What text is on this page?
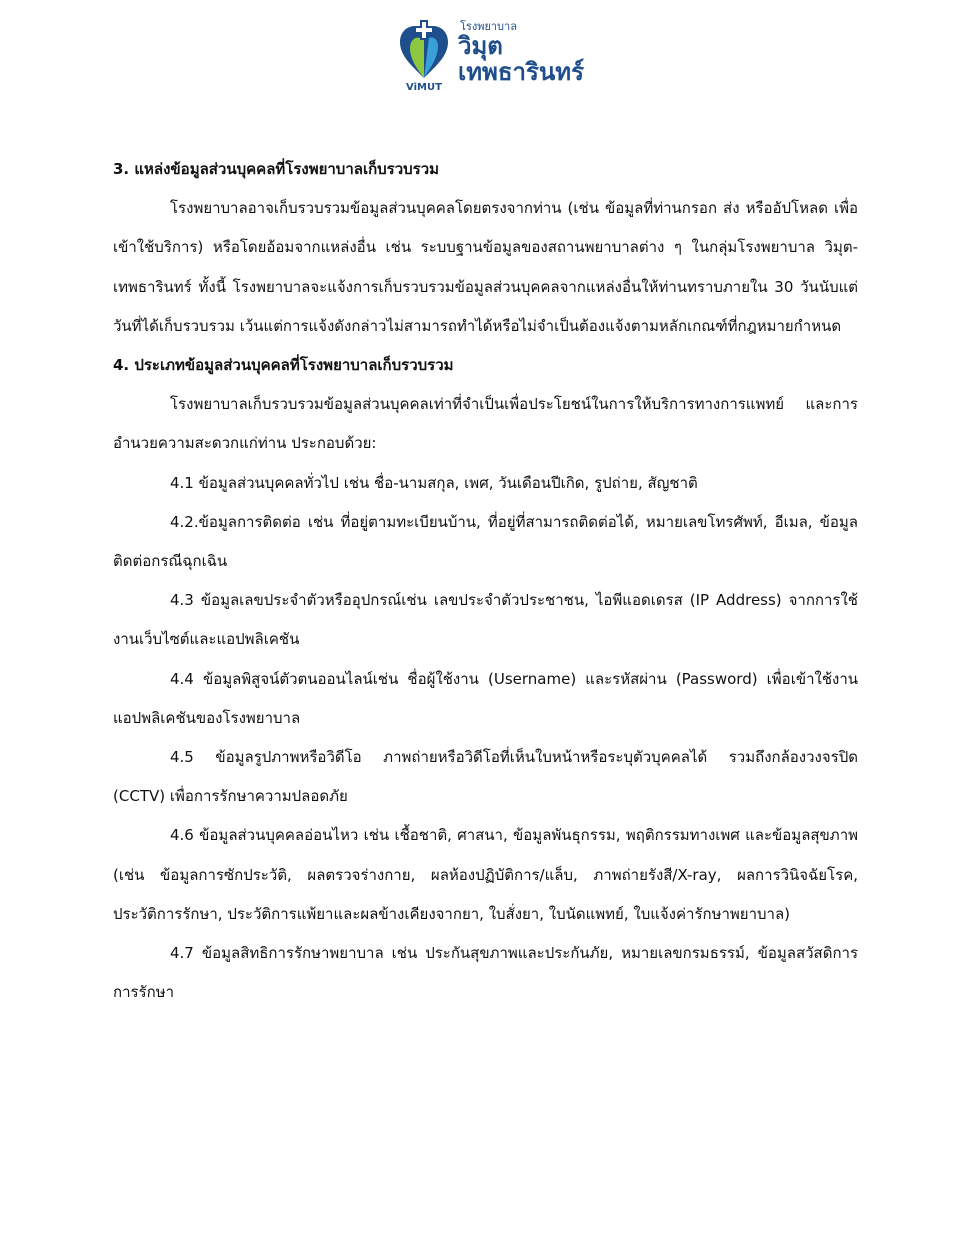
ViMUT
โรงพยาบาล
วิมุต
เทพธารินทร์

3. แหล่งข้อมูลส่วนบุคคลที่โรงพยาบาลเก็บรวบรวม

โรงพยาบาลอาจเก็บรวบรวมข้อมูลส่วนบุคคลโดยตรงจากท่าน (เช่น ข้อมูลที่ท่านกรอก ส่ง หรืออัปโหลด เพื่อเข้าใช้บริการ) หรือโดยอ้อมจากแหล่งอื่น เช่น ระบบฐานข้อมูลของสถานพยาบาลต่าง ๆ ในกลุ่มโรงพยาบาล วิมุต-เทพธารินทร์ ทั้งนี้ โรงพยาบาลจะแจ้งการเก็บรวบรวมข้อมูลส่วนบุคคลจากแหล่งอื่นให้ท่านทราบภายใน 30 วันนับแต่วันที่ได้เก็บรวบรวม เว้นแต่การแจ้งดังกล่าวไม่สามารถทำได้หรือไม่จำเป็นต้องแจ้งตามหลักเกณฑ์ที่กฎหมายกำหนด

4. ประเภทข้อมูลส่วนบุคคลที่โรงพยาบาลเก็บรวบรวม

โรงพยาบาลเก็บรวบรวมข้อมูลส่วนบุคคลเท่าที่จำเป็นเพื่อประโยชน์ในการให้บริการทางการแพทย์ และการอำนวยความสะดวกแก่ท่าน ประกอบด้วย:

4.1 ข้อมูลส่วนบุคคลทั่วไป เช่น ชื่อ-นามสกุล, เพศ, วันเดือนปีเกิด, รูปถ่าย, สัญชาติ

4.2.ข้อมูลการติดต่อ เช่น ที่อยู่ตามทะเบียนบ้าน, ที่อยู่ที่สามารถติดต่อได้, หมายเลขโทรศัพท์, อีเมล, ข้อมูลติดต่อกรณีฉุกเฉิน

4.3 ข้อมูลเลขประจำตัวหรืออุปกรณ์เช่น เลขประจำตัวประชาชน, ไอพีแอดเดรส (IP Address) จากการใช้งานเว็บไซต์และแอปพลิเคชัน

4.4 ข้อมูลพิสูจน์ตัวตนออนไลน์เช่น ชื่อผู้ใช้งาน (Username) และรหัสผ่าน (Password) เพื่อเข้าใช้งานแอปพลิเคชันของโรงพยาบาล

4.5 ข้อมูลรูปภาพหรือวิดีโอ ภาพถ่ายหรือวิดีโอที่เห็นใบหน้าหรือระบุตัวบุคคลได้ รวมถึงกล้องวงจรปิด (CCTV) เพื่อการรักษาความปลอดภัย

4.6 ข้อมูลส่วนบุคคลอ่อนไหว เช่น เชื้อชาติ, ศาสนา, ข้อมูลพันธุกรรม, พฤติกรรมทางเพศ และข้อมูลสุขภาพ (เช่น ข้อมูลการซักประวัติ, ผลตรวจร่างกาย, ผลห้องปฏิบัติการ/แล็บ, ภาพถ่ายรังสี/X-ray, ผลการวินิจฉัยโรค, ประวัติการรักษา, ประวัติการแพ้ยาและผลข้างเคียงจากยา, ใบสั่งยา, ใบนัดแพทย์, ใบแจ้งค่ารักษาพยาบาล)

4.7 ข้อมูลสิทธิการรักษาพยาบาล เช่น ประกันสุขภาพและประกันภัย, หมายเลขกรมธรรม์, ข้อมูลสวัสดิการการรักษา
